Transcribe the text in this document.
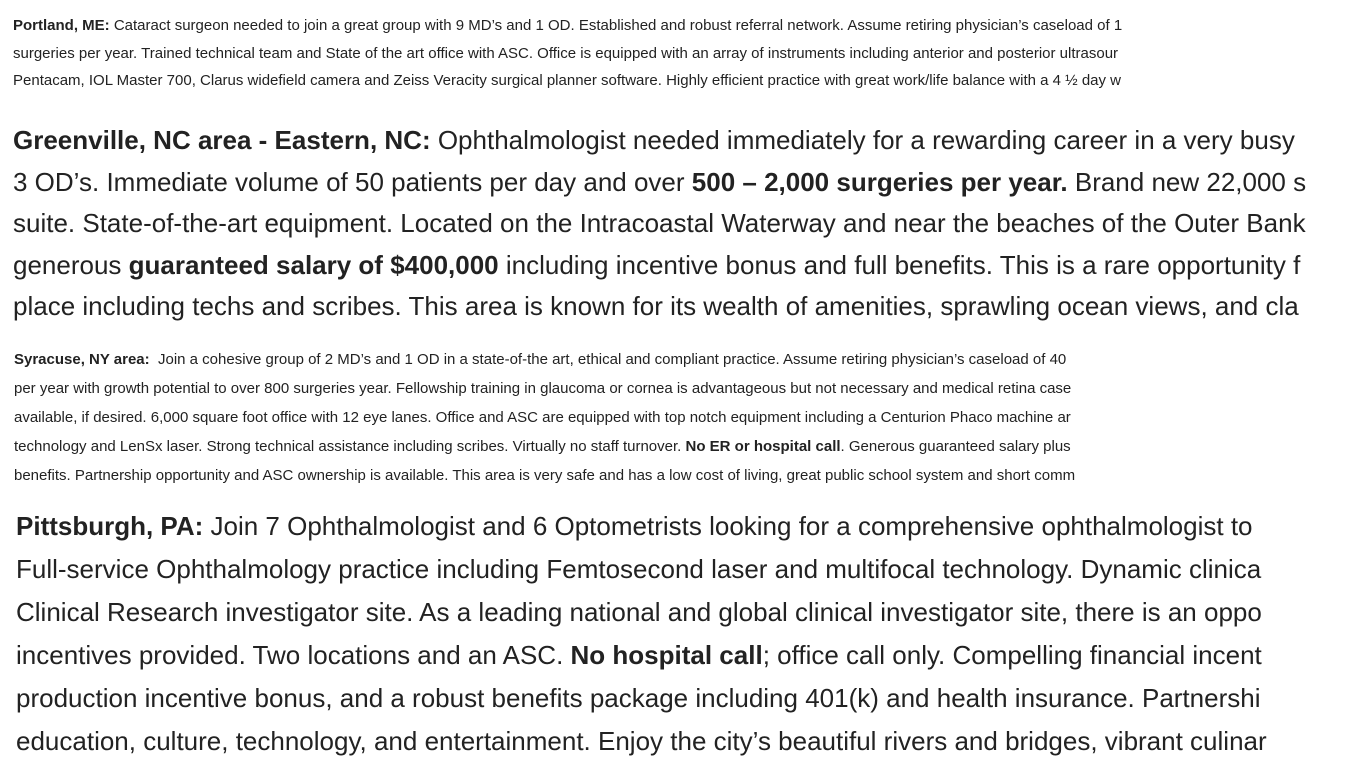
Portland, ME: Cataract surgeon needed to join a great group with 9 MD’s and 1 OD. Established and robust referral network. Assume retiring physician’s caseload of 1
surgeries per year. Trained technical team and State of the art office with ASC. Office is equipped with an array of instruments including anterior and posterior ultrasour
Pentacam, IOL Master 700, Clarus widefield camera and Zeiss Veracity surgical planner software. Highly efficient practice with great work/life balance with a 4 ½ day w
Greenville, NC area - Eastern, NC: Ophthalmologist needed immediately for a rewarding career in a very busy
3 OD’s. Immediate volume of 50 patients per day and over 500 – 2,000 surgeries per year. Brand new 22,000 s
suite. State-of-the-art equipment. Located on the Intracoastal Waterway and near the beaches of the Outer Bank
generous guaranteed salary of $400,000 including incentive bonus and full benefits. This is a rare opportunity f
place including techs and scribes. This area is known for its wealth of amenities, sprawling ocean views, and cla
Syracuse, NY area:  Join a cohesive group of 2 MD’s and 1 OD in a state-of-the art, ethical and compliant practice. Assume retiring physician’s caseload of 40
per year with growth potential to over 800 surgeries year. Fellowship training in glaucoma or cornea is advantageous but not necessary and medical retina case
available, if desired. 6,000 square foot office with 12 eye lanes. Office and ASC are equipped with top notch equipment including a Centurion Phaco machine ar
technology and LenSx laser. Strong technical assistance including scribes. Virtually no staff turnover. No ER or hospital call. Generous guaranteed salary plus
benefits. Partnership opportunity and ASC ownership is available. This area is very safe and has a low cost of living, great public school system and short comm
Pittsburgh, PA: Join 7 Ophthalmologist and 6 Optometrists looking for a comprehensive ophthalmologist to
Full-service Ophthalmology practice including Femtosecond laser and multifocal technology. Dynamic clinica
Clinical Research investigator site. As a leading national and global clinical investigator site, there is an oppo
incentives provided. Two locations and an ASC. No hospital call; office call only. Compelling financial incent
production incentive bonus, and a robust benefits package including 401(k) and health insurance. Partnershi
education, culture, technology, and entertainment. Enjoy the city’s beautiful rivers and bridges, vibrant culinar
